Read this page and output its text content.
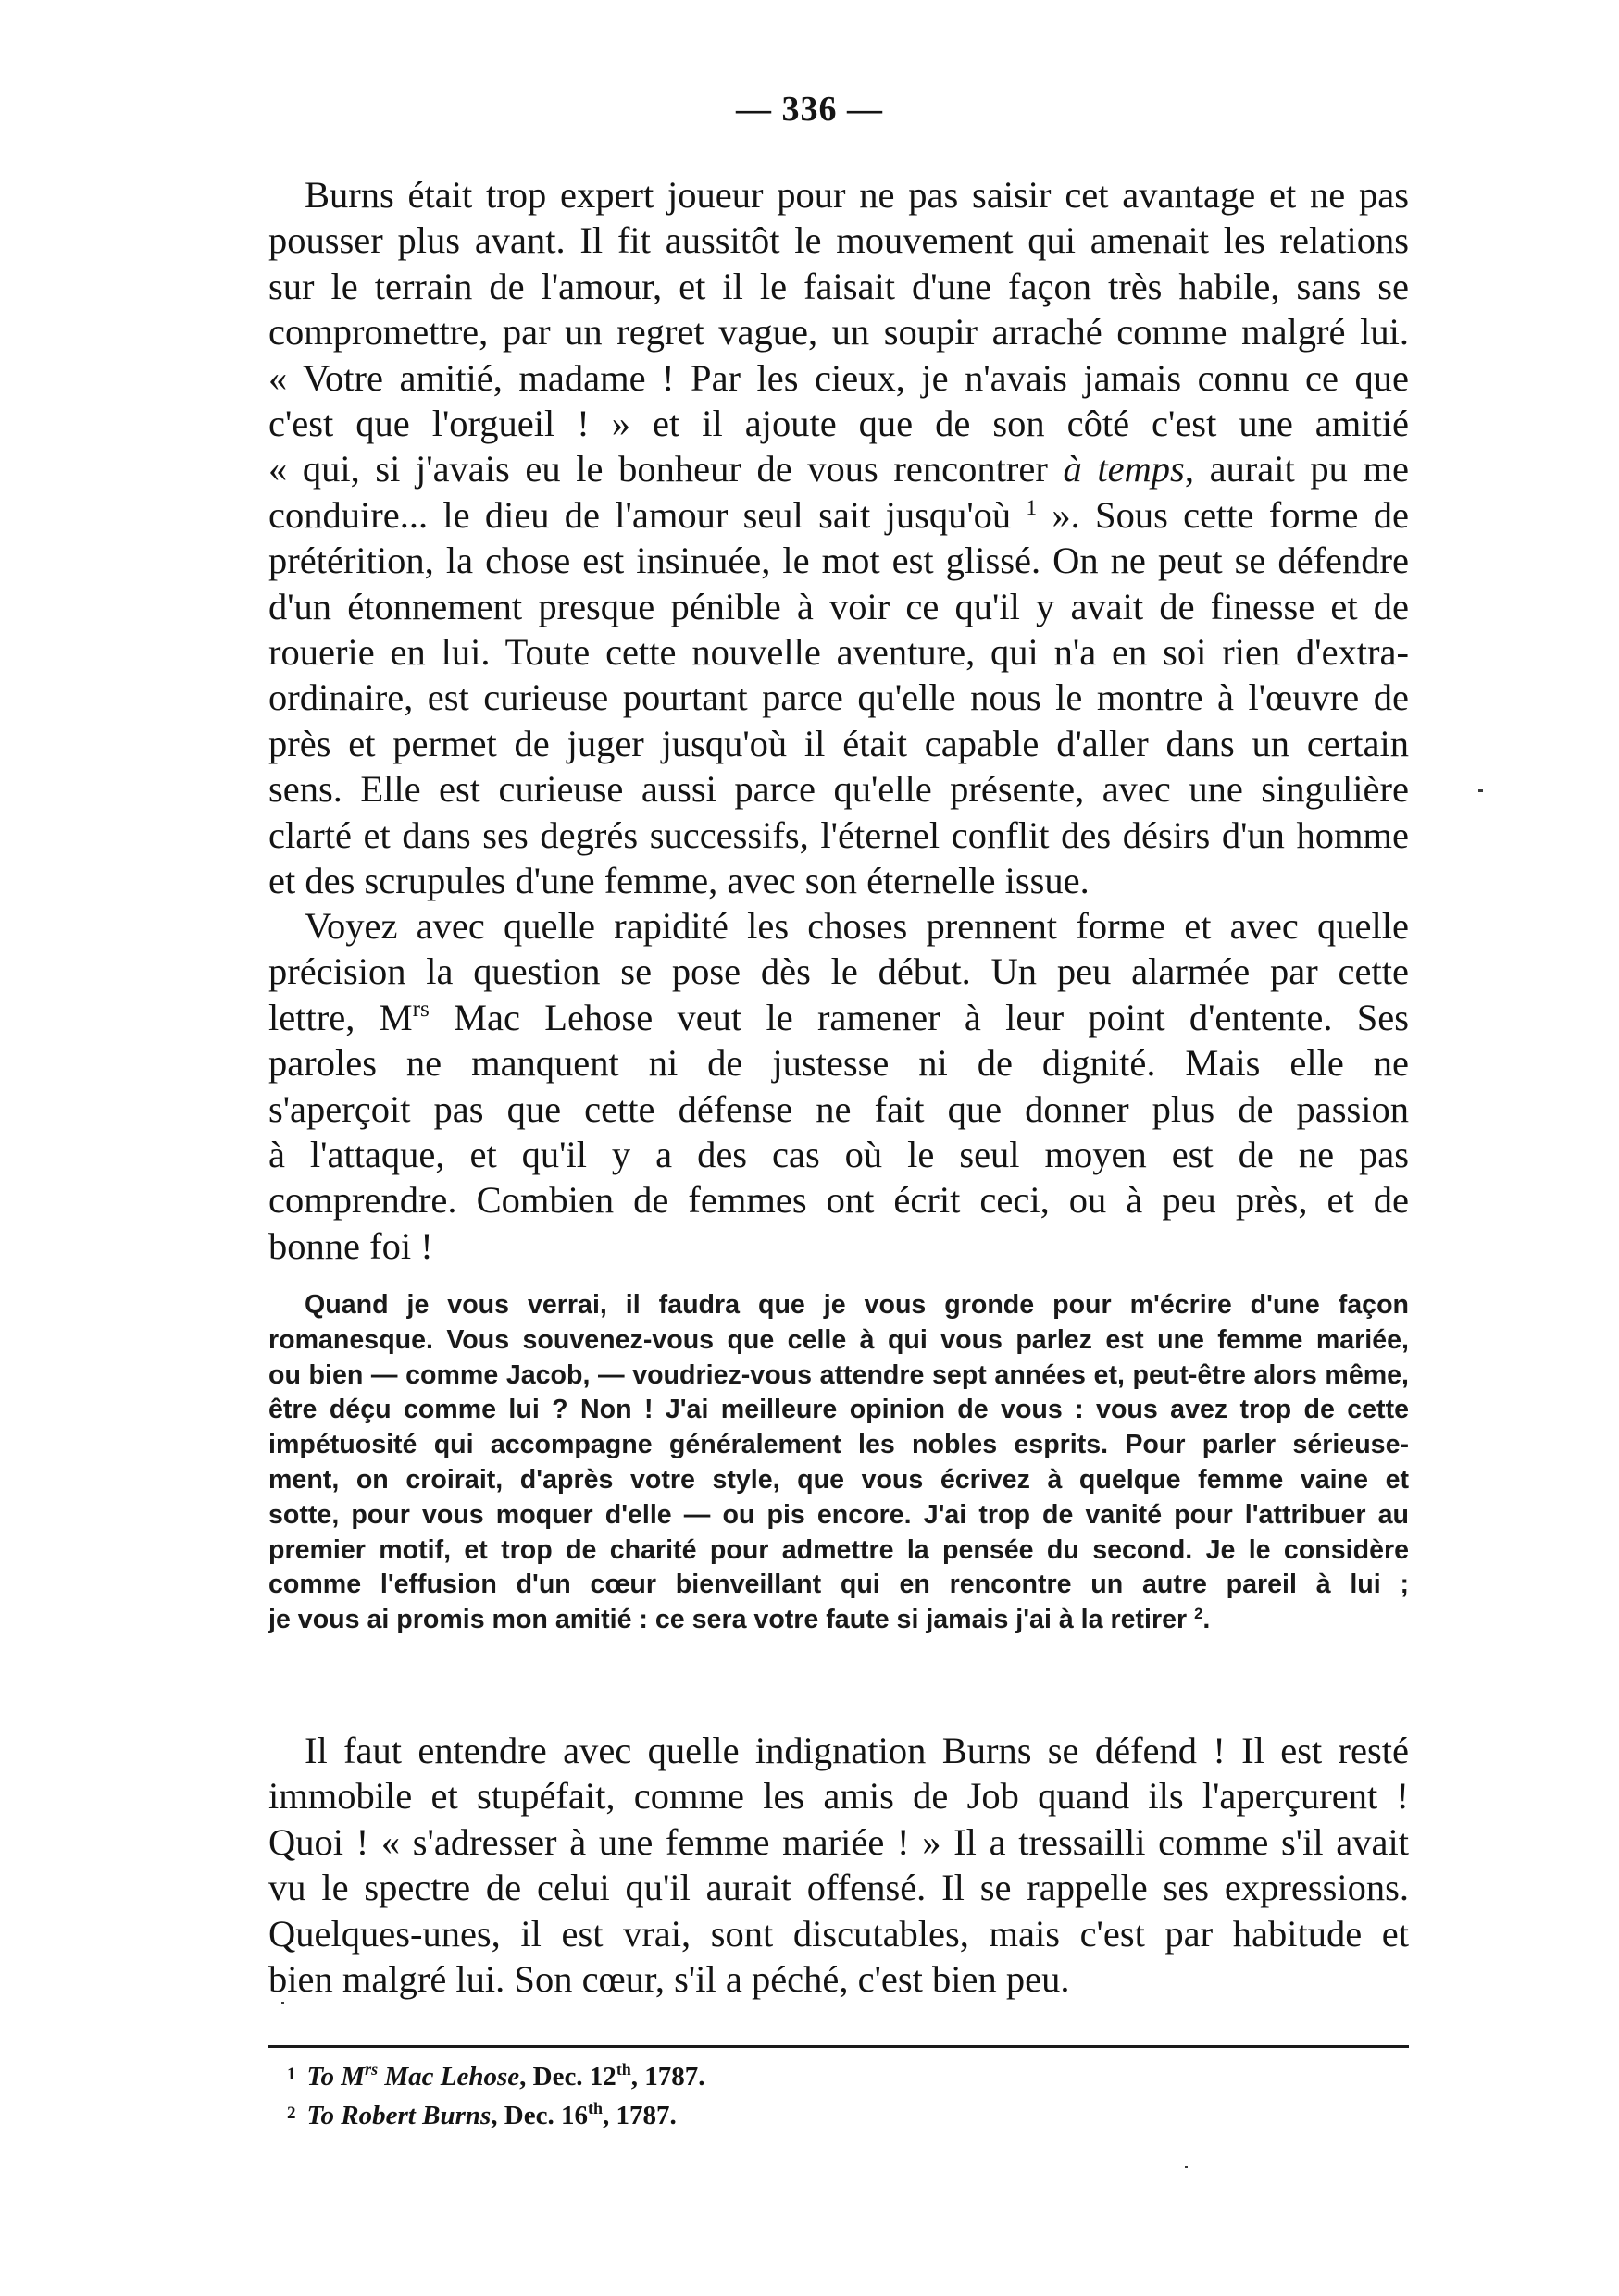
— 336 —
Burns était trop expert joueur pour ne pas saisir cet avantage et ne pas
pousser plus avant. Il fit aussitôt le mouvement qui amenait les relations
sur le terrain de l'amour, et il le faisait d'une façon très habile, sans se
compromettre, par un regret vague, un soupir arraché comme malgré lui.
« Votre amitié, madame ! Par les cieux, je n'avais jamais connu ce que
c'est que l'orgueil ! » et il ajoute que de son côté c'est une amitié
« qui, si j'avais eu le bonheur de vous rencontrer à temps, aurait pu me
conduire... le dieu de l'amour seul sait jusqu'où $^1$ ». Sous cette forme de
prétérition, la chose est insinuée, le mot est glissé. On ne peut se défendre
d'un étonnement presque pénible à voir ce qu'il y avait de finesse et de
rouerie en lui. Toute cette nouvelle aventure, qui n'a en soi rien d'extra-
ordinaire, est curieuse pourtant parce qu'elle nous le montre à l'œuvre de
près et permet de juger jusqu'où il était capable d'aller dans un certain
sens. Elle est curieuse aussi parce qu'elle présente, avec une singulière
clarté et dans ses degrés successifs, l'éternel conflit des désirs d'un homme
et des scrupules d'une femme, avec son éternelle issue.
Voyez avec quelle rapidité les choses prennent forme et avec quelle
précision la question se pose dès le début. Un peu alarmée par cette
lettre, $M^{rs}$ Mac Lehose veut le ramener à leur point d'entente. Ses
paroles ne manquent ni de justesse ni de dignité. Mais elle ne
s'aperçoit pas que cette défense ne fait que donner plus de passion
à l'attaque, et qu'il y a des cas où le seul moyen est de ne pas
comprendre. Combien de femmes ont écrit ceci, ou à peu près, et de
bonne foi !
Quand je vous verrai, il faudra que je vous gronde pour m'écrire d'une façon
romanesque. Vous souvenez-vous que celle à qui vous parlez est une femme mariée,
ou bien — comme Jacob, — voudriez-vous attendre sept années et, peut-être alors même,
être déçu comme lui ? Non ! J'ai meilleure opinion de vous : vous avez trop de cette
impétuosité qui accompagne généralement les nobles esprits. Pour parler sérieuse-
ment, on croirait, d'après votre style, que vous écrivez à quelque femme vaine et
sotte, pour vous moquer d'elle — ou pis encore. J'ai trop de vanité pour l'attribuer au
premier motif, et trop de charité pour admettre la pensée du second. Je le considère
comme l'effusion d'un cœur bienveillant qui en rencontre un autre pareil à lui ;
je vous ai promis mon amitié : ce sera votre faute si jamais j'ai à la retirer $^2$.
Il faut entendre avec quelle indignation Burns se défend ! Il est resté
immobile et stupéfait, comme les amis de Job quand ils l'aperçurent !
Quoi ! « s'adresser à une femme mariée ! » Il a tressailli comme s'il avait
vu le spectre de celui qu'il aurait offensé. Il se rappelle ses expressions.
Quelques-unes, il est vrai, sont discutables, mais c'est par habitude et
bien malgré lui. Son cœur, s'il a péché, c'est bien peu.
$^1$ To $M^{rs}$ Mac Lehose, Dec. 12th, 1787.
$^2$ To Robert Burns, Dec. 16th, 1787.
